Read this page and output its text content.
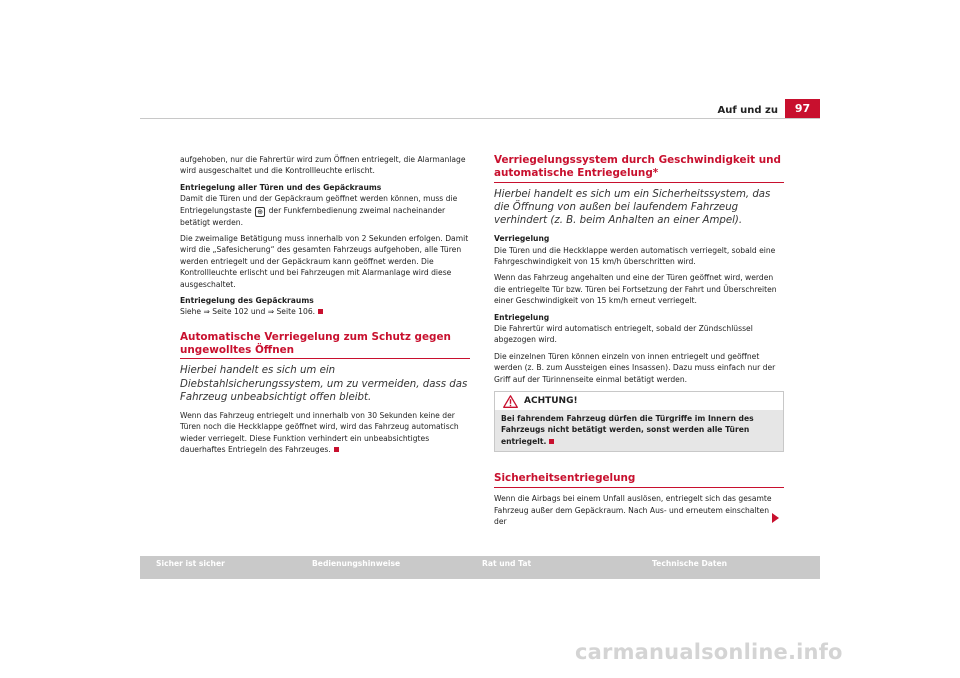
Auf und zu	97

aufgehoben, nur die Fahrertür wird zum Öffnen entriegelt, die Alarmanlage wird ausgeschaltet und die Kontrollleuchte erlischt.

Entriegelung aller Türen und des Gepäckraums
Damit die Türen und der Gepäckraum geöffnet werden können, muss die Entriegelungstaste ⊕ der Funkfernbedienung zweimal nacheinander betätigt werden.

Die zweimalige Betätigung muss innerhalb von 2 Sekunden erfolgen. Damit wird die „Safesicherung“ des gesamten Fahrzeugs aufgehoben, alle Türen werden entriegelt und der Gepäckraum kann geöffnet werden. Die Kontrollleuchte erlischt und bei Fahrzeugen mit Alarmanlage wird diese ausgeschaltet.

Entriegelung des Gepäckraums
Siehe ⇒ Seite 102 und ⇒ Seite 106.

Automatische Verriegelung zum Schutz gegen ungewolltes Öffnen

Hierbei handelt es sich um ein Diebstahlsicherungssystem, um zu vermeiden, dass das Fahrzeug unbeabsichtigt offen bleibt.

Wenn das Fahrzeug entriegelt und innerhalb von 30 Sekunden keine der Türen noch die Heckklappe geöffnet wird, wird das Fahrzeug automatisch wieder verriegelt. Diese Funktion verhindert ein unbeabsichtigtes dauerhaftes Entriegeln des Fahrzeuges.

Verriegelungssystem durch Geschwindigkeit und automatische Entriegelung*

Hierbei handelt es sich um ein Sicherheitssystem, das die Öffnung von außen bei laufendem Fahrzeug verhindert (z. B. beim Anhalten an einer Ampel).

Verriegelung
Die Türen und die Heckklappe werden automatisch verriegelt, sobald eine Fahrgeschwindigkeit von 15 km/h überschritten wird.

Wenn das Fahrzeug angehalten und eine der Türen geöffnet wird, werden die entriegelte Tür bzw. Türen bei Fortsetzung der Fahrt und Überschreiten einer Geschwindigkeit von 15 km/h erneut verriegelt.

Entriegelung
Die Fahrertür wird automatisch entriegelt, sobald der Zündschlüssel abgezogen wird.

Die einzelnen Türen können einzeln von innen entriegelt und geöffnet werden (z. B. zum Aussteigen eines Insassen). Dazu muss einfach nur der Griff auf der Türinnenseite einmal betätigt werden.

ACHTUNG!
Bei fahrendem Fahrzeug dürfen die Türgriffe im Innern des Fahrzeugs nicht betätigt werden, sonst werden alle Türen entriegelt.
Sicherheitsentriegelung

Wenn die Airbags bei einem Unfall auslösen, entriegelt sich das gesamte Fahrzeug außer dem Gepäckraum. Nach Aus- und erneutem einschalten der

Sicher ist sicher	Bedienungshinweise	Rat und Tat	Technische Daten
carmanualsonline.info
